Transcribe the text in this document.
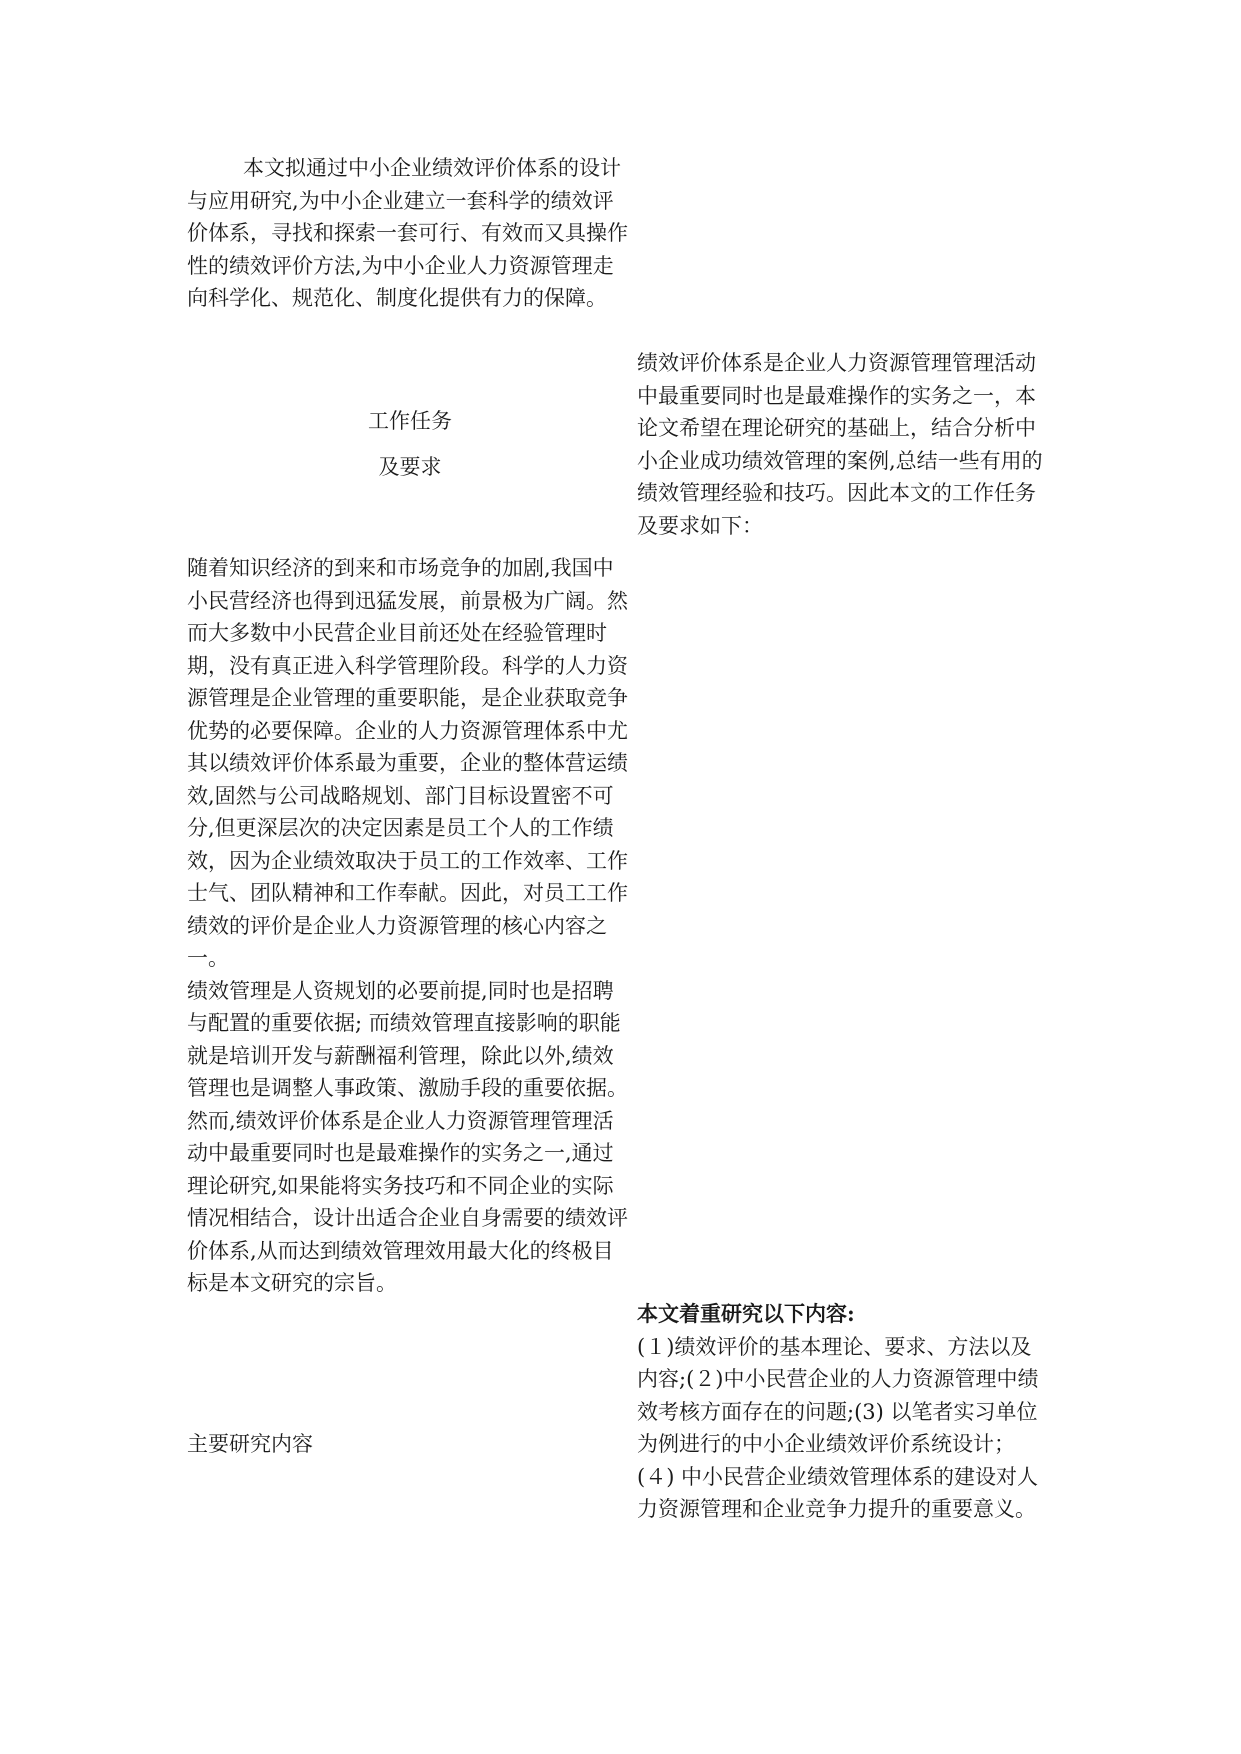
本文拟通过中小企业绩效评价体系的设计与应用研究,为中小企业建立一套科学的绩效评价体系，寻找和探索一套可行、有效而又具操作性的绩效评价方法,为中小企业人力资源管理走向科学化、规范化、制度化提供有力的保障。

工作任务

及要求

绩效评价体系是企业人力资源管理管理活动中最重要同时也是最难操作的实务之一，本论文希望在理论研究的基础上，结合分析中小企业成功绩效管理的案例,总结一些有用的绩效管理经验和技巧。因此本文的工作任务及要求如下：

随着知识经济的到来和市场竞争的加剧,我国中小民营经济也得到迅猛发展，前景极为广阔。然而大多数中小民营企业目前还处在经验管理时期，没有真正进入科学管理阶段。科学的人力资源管理是企业管理的重要职能，是企业获取竞争优势的必要保障。企业的人力资源管理体系中尤其以绩效评价体系最为重要，企业的整体营运绩效,固然与公司战略规划、部门目标设置密不可分,但更深层次的决定因素是员工个人的工作绩效，因为企业绩效取决于员工的工作效率、工作士气、团队精神和工作奉献。因此，对员工工作绩效的评价是企业人力资源管理的核心内容之一。

绩效管理是人资规划的必要前提,同时也是招聘与配置的重要依据; 而绩效管理直接影响的职能就是培训开发与薪酬福利管理，除此以外,绩效管理也是调整人事政策、激励手段的重要依据。然而,绩效评价体系是企业人力资源管理管理活动中最重要同时也是最难操作的实务之一,通过理论研究,如果能将实务技巧和不同企业的实际情况相结合，设计出适合企业自身需要的绩效评价体系,从而达到绩效管理效用最大化的终极目标是本文研究的宗旨。

主要研究内容

本文着重研究以下内容:

(１)绩效评价的基本理论、要求、方法以及内容;(２)中小民营企业的人力资源管理中绩效考核方面存在的问题;(3) 以笔者实习单位为例进行的中小企业绩效评价系统设计；(４) 中小民营企业绩效管理体系的建设对人力资源管理和企业竞争力提升的重要意义。
